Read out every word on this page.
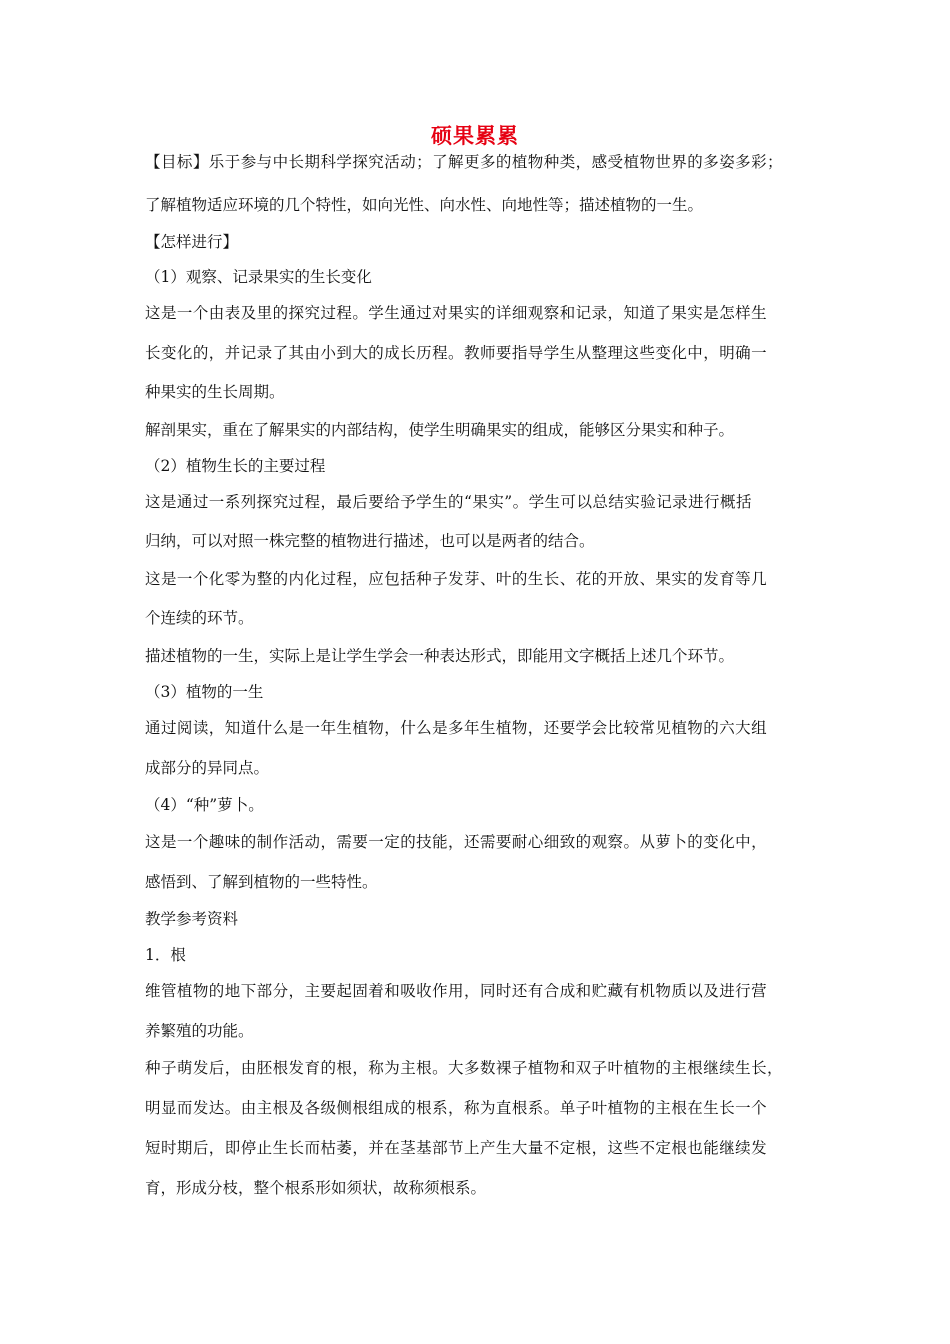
硕果累累
【目标】乐于参与中长期科学探究活动；了解更多的植物种类，感受植物世界的多姿多彩；
了解植物适应环境的几个特性，如向光性、向水性、向地性等；描述植物的一生。
【怎样进行】
（1）观察、记录果实的生长变化
这是一个由表及里的探究过程。学生通过对果实的详细观察和记录，知道了果实是怎样生
长变化的，并记录了其由小到大的成长历程。教师要指导学生从整理这些变化中，明确一
种果实的生长周期。
解剖果实，重在了解果实的内部结构，使学生明确果实的组成，能够区分果实和种子。
（2）植物生长的主要过程
这是通过一系列探究过程，最后要给予学生的“果实”。学生可以总结实验记录进行概括
归纳，可以对照一株完整的植物进行描述，也可以是两者的结合。
这是一个化零为整的内化过程，应包括种子发芽、叶的生长、花的开放、果实的发育等几
个连续的环节。
描述植物的一生，实际上是让学生学会一种表达形式，即能用文字概括上述几个环节。
（3）植物的一生
通过阅读，知道什么是一年生植物，什么是多年生植物，还要学会比较常见植物的六大组
成部分的异同点。
（4）“种”萝卜。
这是一个趣味的制作活动，需要一定的技能，还需要耐心细致的观察。从萝卜的变化中，
感悟到、了解到植物的一些特性。
教学参考资料
1．根
维管植物的地下部分，主要起固着和吸收作用，同时还有合成和贮藏有机物质以及进行营
养繁殖的功能。
种子萌发后，由胚根发育的根，称为主根。大多数裸子植物和双子叶植物的主根继续生长，
明显而发达。由主根及各级侧根组成的根系，称为直根系。单子叶植物的主根在生长一个
短时期后，即停止生长而枯萎，并在茎基部节上产生大量不定根，这些不定根也能继续发
育，形成分枝，整个根系形如须状，故称须根系。
